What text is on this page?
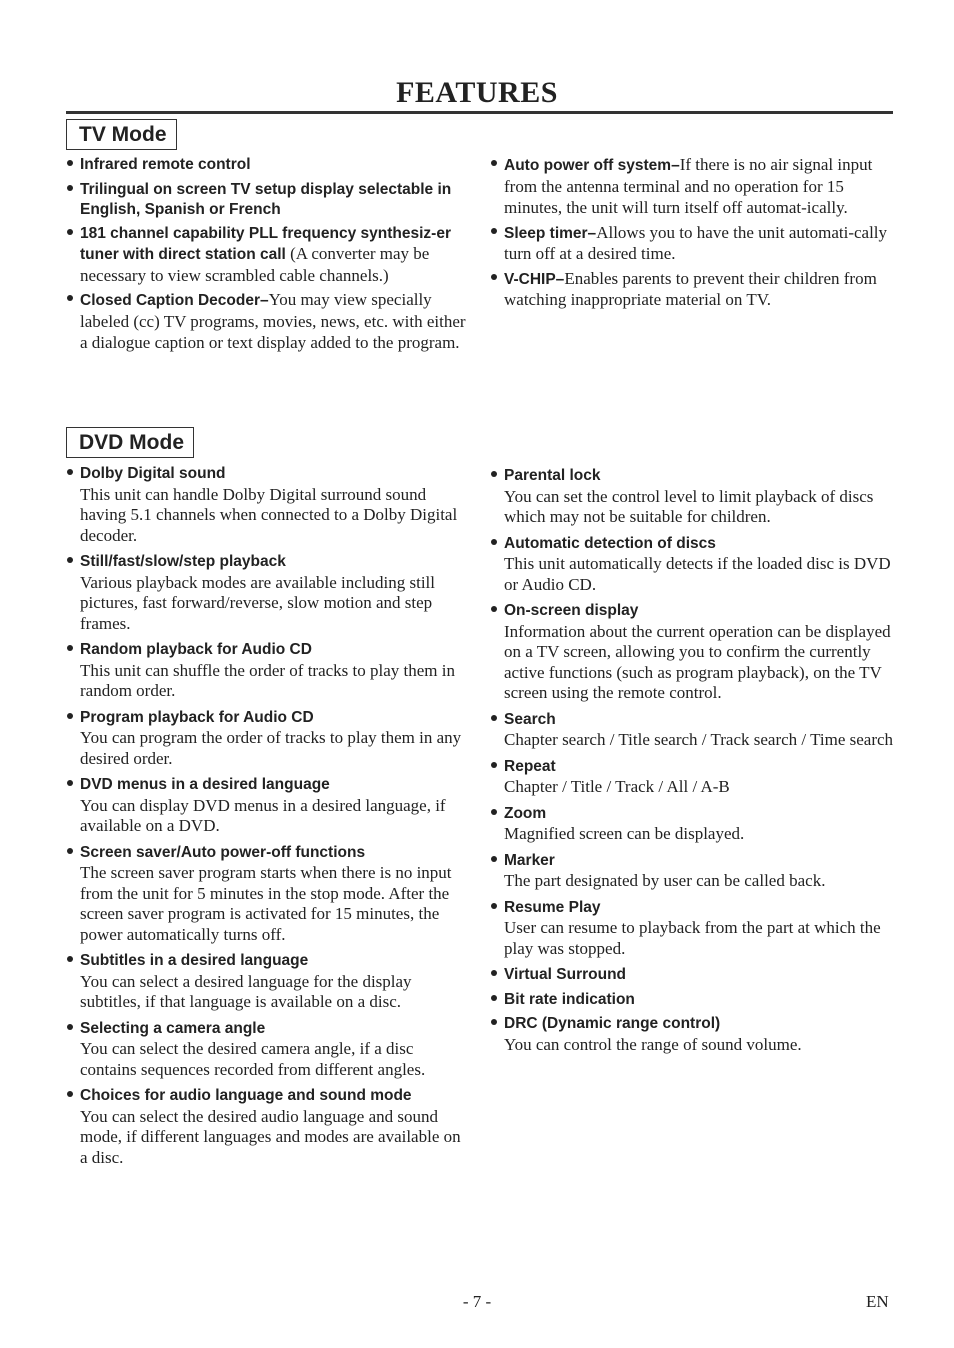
FEATURES
TV Mode
Infrared remote control
Trilingual on screen TV setup display selectable in English, Spanish or French
181 channel capability PLL frequency synthesiz-er tuner with direct station call (A converter may be necessary to view scrambled cable channels.)
Closed Caption Decoder–You may view specially labeled (cc) TV programs, movies, news, etc. with either a dialogue caption or text display added to the program.
Auto power off system–If there is no air signal input from the antenna terminal and no operation for 15 minutes, the unit will turn itself off automat-ically.
Sleep timer–Allows you to have the unit automati-cally turn off at a desired time.
V-CHIP–Enables parents to prevent their children from watching inappropriate material on TV.
DVD Mode
Dolby Digital sound
This unit can handle Dolby Digital surround sound having 5.1 channels when connected to a Dolby Digital decoder.
Still/fast/slow/step playback
Various playback modes are available including still pictures, fast forward/reverse, slow motion and step frames.
Random playback for Audio CD
This unit can shuffle the order of tracks to play them in random order.
Program playback for Audio CD
You can program the order of tracks to play them in any desired order.
DVD menus in a desired language
You can display DVD menus in a desired language, if available on a DVD.
Screen saver/Auto power-off functions
The screen saver program starts when there is no input from the unit for 5 minutes in the stop mode. After the screen saver program is activated for 15 minutes, the power automatically turns off.
Subtitles in a desired language
You can select a desired language for the display subtitles, if that language is available on a disc.
Selecting a camera angle
You can select the desired camera angle, if a disc contains sequences recorded from different angles.
Choices for audio language and sound mode
You can select the desired audio language and sound mode, if different languages and modes are available on a disc.
Parental lock
You can set the control level to limit playback of discs which may not be suitable for children.
Automatic detection of discs
This unit automatically detects if the loaded disc is DVD or Audio CD.
On-screen display
Information about the current operation can be displayed on a TV screen, allowing you to confirm the currently active functions (such as program playback), on the TV screen using the remote control.
Search
Chapter search / Title search / Track search / Time search
Repeat
Chapter / Title / Track / All / A-B
Zoom
Magnified screen can be displayed.
Marker
The part designated by user can be called back.
Resume Play
User can resume to playback from the part at which the play was stopped.
Virtual Surround
Bit rate indication
DRC (Dynamic range control)
You can control the range of sound volume.
- 7 -	EN
